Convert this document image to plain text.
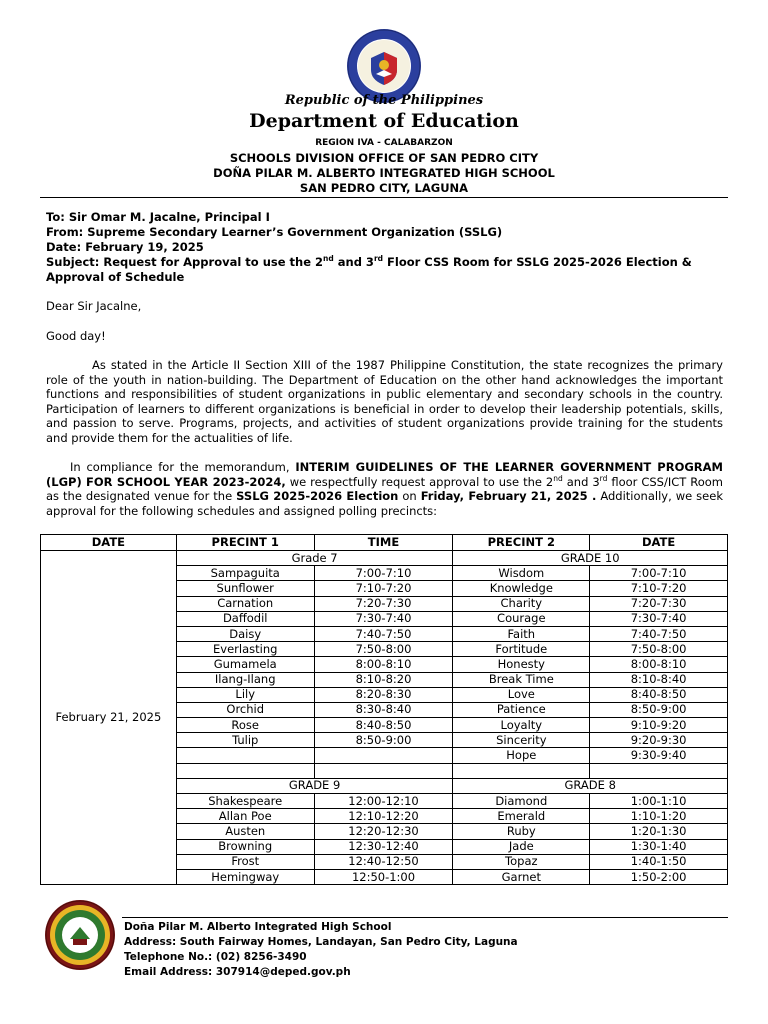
Republic of the Philippines
Department of Education
REGION IVA - CALABARZON
SCHOOLS DIVISION OFFICE OF SAN PEDRO CITY
DOÑA PILAR M. ALBERTO INTEGRATED HIGH SCHOOL
SAN PEDRO CITY, LAGUNA
To: Sir Omar M. Jacalne, Principal I
From: Supreme Secondary Learner’s Government Organization (SSLG)
Date: February 19, 2025
Subject: Request for Approval to use the 2nd and 3rd Floor CSS Room for SSLG 2025-2026 Election &
Approval of Schedule
Dear Sir Jacalne,
Good day!
As stated in the Article II Section XIII of the 1987 Philippine Constitution, the state recognizes the primary role of the youth in nation-building. The Department of Education on the other hand acknowledges the important functions and responsibilities of student organizations in public elementary and secondary schools in the country. Participation of learners to different organizations is beneficial in order to develop their leadership potentials, skills, and passion to serve. Programs, projects, and activities of student organizations provide training for the students and provide them for the actualities of life.
In compliance for the memorandum, INTERIM GUIDELINES OF THE LEARNER GOVERNMENT PROGRAM (LGP) FOR SCHOOL YEAR 2023-2024, we respectfully request approval to use the 2nd and 3rd floor CSS/ICT Room as the designated venue for the SSLG 2025-2026 Election on Friday, February 21, 2025 . Additionally, we seek approval for the following schedules and assigned polling precincts:
DATE	PRECINT 1	TIME	PRECINT 2	DATE
February 21, 2025	Grade 7		GRADE 10	
	Sampaguita	7:00-7:10	Wisdom	7:00-7:10
	Sunflower	7:10-7:20	Knowledge	7:10-7:20
	Carnation	7:20-7:30	Charity	7:20-7:30
	Daffodil	7:30-7:40	Courage	7:30-7:40
	Daisy	7:40-7:50	Faith	7:40-7:50
	Everlasting	7:50-8:00	Fortitude	7:50-8:00
	Gumamela	8:00-8:10	Honesty	8:00-8:10
	Ilang-Ilang	8:10-8:20	Break Time	8:10-8:40
	Lily	8:20-8:30	Love	8:40-8:50
	Orchid	8:30-8:40	Patience	8:50-9:00
	Rose	8:40-8:50	Loyalty	9:10-9:20
	Tulip	8:50-9:00	Sincerity	9:20-9:30
			Hope	9:30-9:40

	GRADE 9		GRADE 8	
	Shakespeare	12:00-12:10	Diamond	1:00-1:10
	Allan Poe	12:10-12:20	Emerald	1:10-1:20
	Austen	12:20-12:30	Ruby	1:20-1:30
	Browning	12:30-12:40	Jade	1:30-1:40
	Frost	12:40-12:50	Topaz	1:40-1:50
	Hemingway	12:50-1:00	Garnet	1:50-2:00
Doña Pilar M. Alberto Integrated High School
Address: South Fairway Homes, Landayan, San Pedro City, Laguna
Telephone No.: (02) 8256-3490
Email Address: 307914@deped.gov.ph
